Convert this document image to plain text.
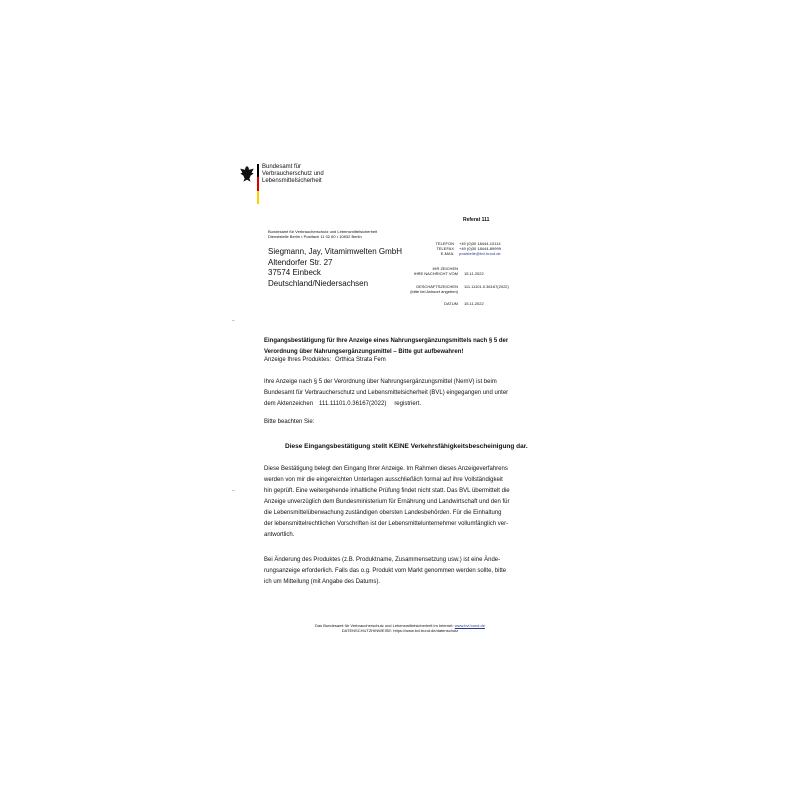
Bundesamt für
Verbraucherschutz und
Lebensmittelsicherheit
Referat 111
Bundesamt für Verbraucherschutz und Lebensmittelsicherheit
Dienststelle Berlin • Postfach 11 02 60 • 10832 Berlin
Siegmann, Jay, Vitamimwelten GmbH
Altendorfer Str. 27
37574 Einbeck
Deutschland/Niedersachsen
TELEFON	+49 (0)30 18444-10114
TELEFAX	+49 (0)30 18444-89999
E-MAIL	poststelle@bvl.bund.de
IHR ZEICHEN
IHRE NACHRICHT VOM 15.11.2022
GESCHÄFTSZEICHEN 111.11101.0.36167(2022)
(bitte bei Antwort angeben)
DATUM 15.11.2022
–
–
Eingangsbestätigung für Ihre Anzeige eines Nahrungsergänzungsmittels nach § 5 der
Verordnung über Nahrungsergänzungsmittel – Bitte gut aufbewahren!
Anzeige Ihres Produktes: Orthica Strata Fem
Ihre Anzeige nach § 5 der Verordnung über Nahrungsergänzungsmittel (NemV) ist beim
Bundesamt für Verbraucherschutz und Lebensmittelsicherheit (BVL) eingegangen und unter
dem Aktenzeichen 111.11101.0.36167(2022) registriert.
Bitte beachten Sie:
Diese Eingangsbestätigung stellt KEINE Verkehrsfähigkeitsbescheinigung dar.
Diese Bestätigung belegt den Eingang Ihrer Anzeige. Im Rahmen dieses Anzeigeverfahrens
werden von mir die eingereichten Unterlagen ausschließlich formal auf ihre Vollständigkeit
hin geprüft. Eine weitergehende inhaltliche Prüfung findet nicht statt. Das BVL übermittelt die
Anzeige unverzüglich dem Bundesministerium für Ernährung und Landwirtschaft und den für
die Lebensmittelüberwachung zuständigen obersten Landesbehörden. Für die Einhaltung
der lebensmittelrechtlichen Vorschriften ist der Lebensmittelunternehmer vollumfänglich ver-
antwortlich.
Bei Änderung des Produktes (z.B. Produktname, Zusammensetzung usw.) ist eine Ände-
rungsanzeige erforderlich. Falls das o.g. Produkt vom Markt genommen werden sollte, bitte
ich um Mitteilung (mit Angabe des Datums).
Das Bundesamt für Verbraucherschutz und Lebensmittelsicherheit im Internet: www.bvl.bund.de
DATENSCHUTZHINWEISE: https://www.bvl.bund.de/datenschutz
